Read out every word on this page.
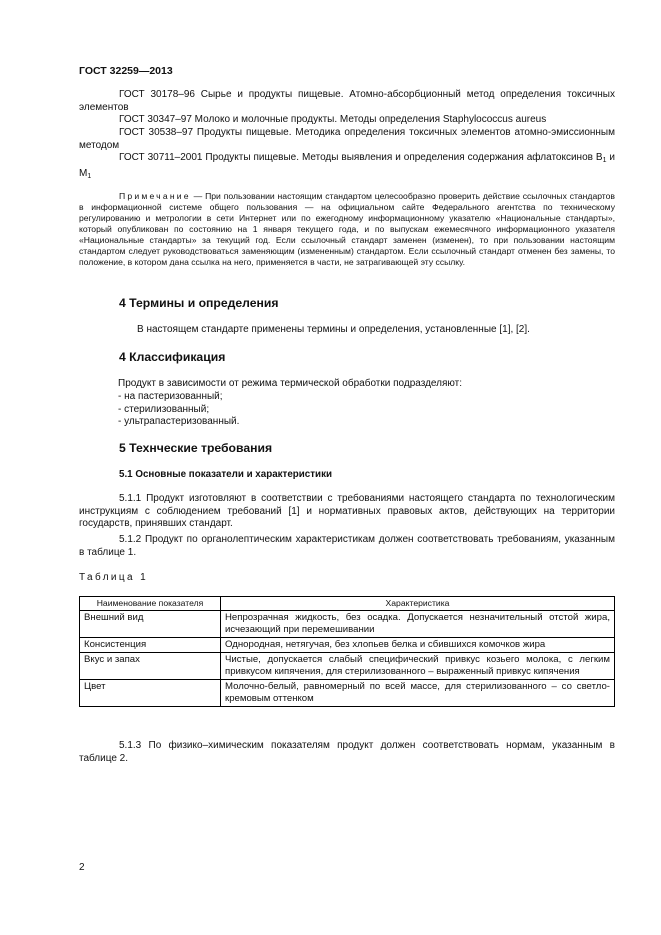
ГОСТ 32259—2013
ГОСТ 30178–96 Сырье и продукты пищевые. Атомно-абсорбционный метод определения токсичных элементов
ГОСТ 30347–97 Молоко и молочные продукты. Методы определения Staphylococcus aureus
ГОСТ 30538–97 Продукты пищевые. Методика определения токсичных элементов атомно-эмиссионным методом
ГОСТ 30711–2001 Продукты пищевые. Методы выявления и определения содержания афлатоксинов $В_1$ и $М_1$
Примечание — При пользовании настоящим стандартом целесообразно проверить действие ссылочных стандартов в информационной системе общего пользования — на официальном сайте Федерального агентства по техническому регулированию и метрологии в сети Интернет или по ежегодному информационному указателю «Национальные стандарты», который опубликован по состоянию на 1 января текущего года, и по выпускам ежемесячного информационного указателя «Национальные стандарты» за текущий год. Если ссылочный стандарт заменен (изменен), то при пользовании настоящим стандартом следует руководствоваться заменяющим (измененным) стандартом. Если ссылочный стандарт отменен без замены, то положение, в котором дана ссылка на него, применяется в части, не затрагивающей эту ссылку.
4 Термины и определения
В настоящем стандарте применены термины и определения, установленные [1], [2].
4 Классификация
Продукт в зависимости от режима термической обработки подразделяют:
- на пастеризованный;
- стерилизованный;
- ультрапастеризованный.
5 Технческие требования
5.1 Основные показатели и характеристики
5.1.1 Продукт изготовляют в соответствии с требованиями настоящего стандарта по технологическим инструкциям с соблюдением требований [1] и нормативных правовых актов, действующих на территории государств, принявших стандарт.
5.1.2 Продукт по органолептическим характеристикам должен соответствовать требованиям, указанным в таблице 1.
Таблица 1
Наименование показателя	Характеристика
Внешний вид	Непрозрачная жидкость, без осадка. Допускается незначительный отстой жира, исчезающий при перемешивании
Консистенция	Однородная, нетягучая, без хлопьев белка и сбившихся комочков жира
Вкус и запах	Чистые, допускается слабый специфический привкус козьего молока, с легким привкусом кипячения, для стерилизованного – выраженный привкус кипячения
Цвет	Молочно-белый, равномерный по всей массе, для стерилизованного – со светло-кремовым оттенком
5.1.3 По физико–химическим показателям продукт должен соответствовать нормам, указанным в таблице 2.
2
